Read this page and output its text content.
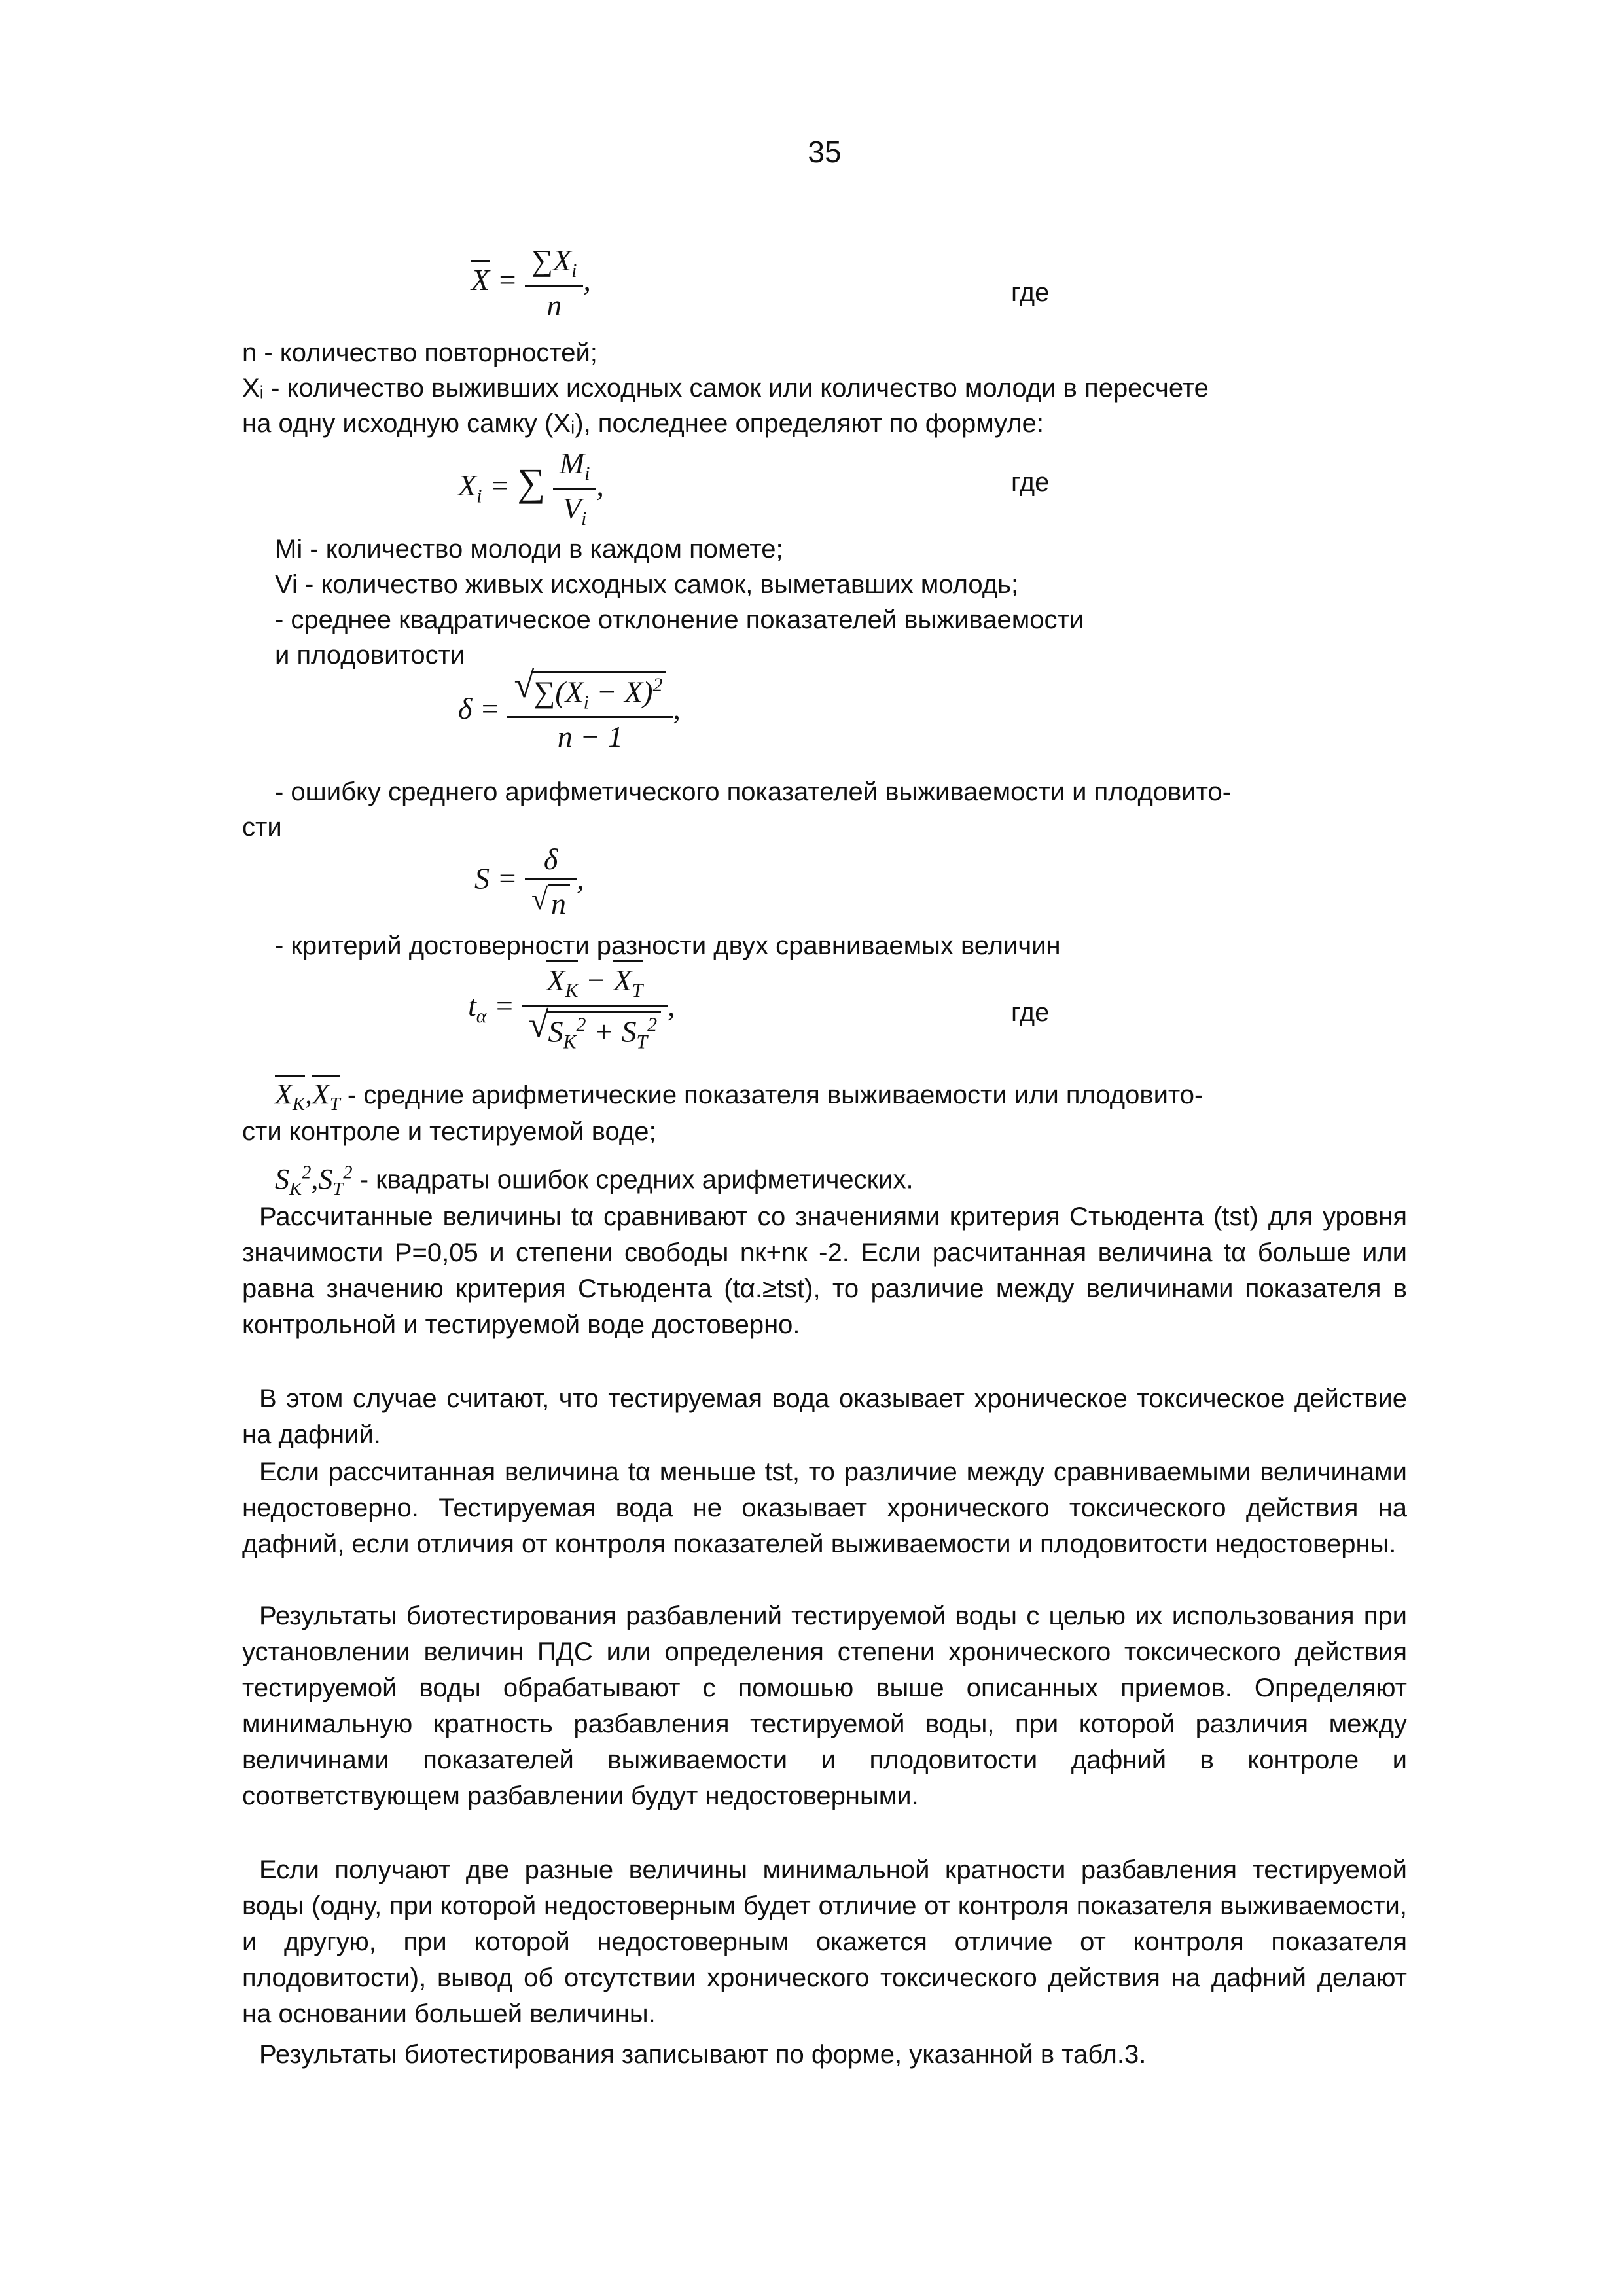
35
$X = \frac{\sum X_i}{n}$ ,	где
n - количество повторностей;
Xᵢ - количество выживших исходных самок или количество молоди в пересчете
на одну исходную самку (Xᵢ), последнее определяют по формуле:
$X_i$ = ∑ $\frac{M_i}{V_i}$ ,	где
Mi - количество молоди в каждом помете;
Vi - количество живых исходных самок, выметавших молодь;
- среднее квадратическое отклонение показателей выживаемости
и плодовитости
$\delta = \frac{√ \sum(X_i - X)^2}{n - 1}$ ,
- ошибку среднего арифметического показателей выживаемости и плодовито-
сти
$S = \frac{\delta}{√ n}$ ,
- критерий достоверности разности двух сравниваемых величин
$t_\alpha = \frac{X_K - X_T}{√ S_K^2 + S_T^2}$ ,	где
$X_K,X_T$ - средние арифметические показателя выживаемости или плодовито-
сти контроле и тестируемой воде;
$S_K^2,S_T^2$ - квадраты ошибок средних арифметических.
Рассчитанные величины tα сравнивают со значениями критерия Стьюдента (tst) для уровня значимости P=0,05 и степени свободы nк+nк -2. Если расчитанная величина tα больше или равна значению критерия Стьюдента (tα.≥tst), то различие между величинами показателя в контрольной и тестируемой воде достоверно.
В этом случае считают, что тестируемая вода оказывает хроническое токсическое действие на дафний.
Если рассчитанная величина tα меньше tst, то различие между сравниваемыми величинами недостоверно. Тестируемая вода не оказывает хронического токсического действия на дафний, если отличия от контроля показателей выживаемости и плодовитости недостоверны.
Результаты биотестирования разбавлений тестируемой воды с целью их использования при установлении величин ПДС или определения степени хронического токсического действия тестируемой воды обрабатывают с помошью выше описанных приемов. Определяют минимальную кратность разбавления тестируемой воды, при которой различия между величинами показателей выживаемости и плодовитости дафний в контроле и соответствующем разбавлении будут недостоверными.
Если получают две разные величины минимальной кратности разбавления тестируемой воды (одну, при которой недостоверным будет отличие от контроля показателя выживаемости, и другую, при которой недостоверным окажется отличие от контроля показателя плодовитости), вывод об отсутствии хронического токсического действия на дафний делают на основании большей величины.
Результаты биотестирования записывают по форме, указанной в табл.3.
